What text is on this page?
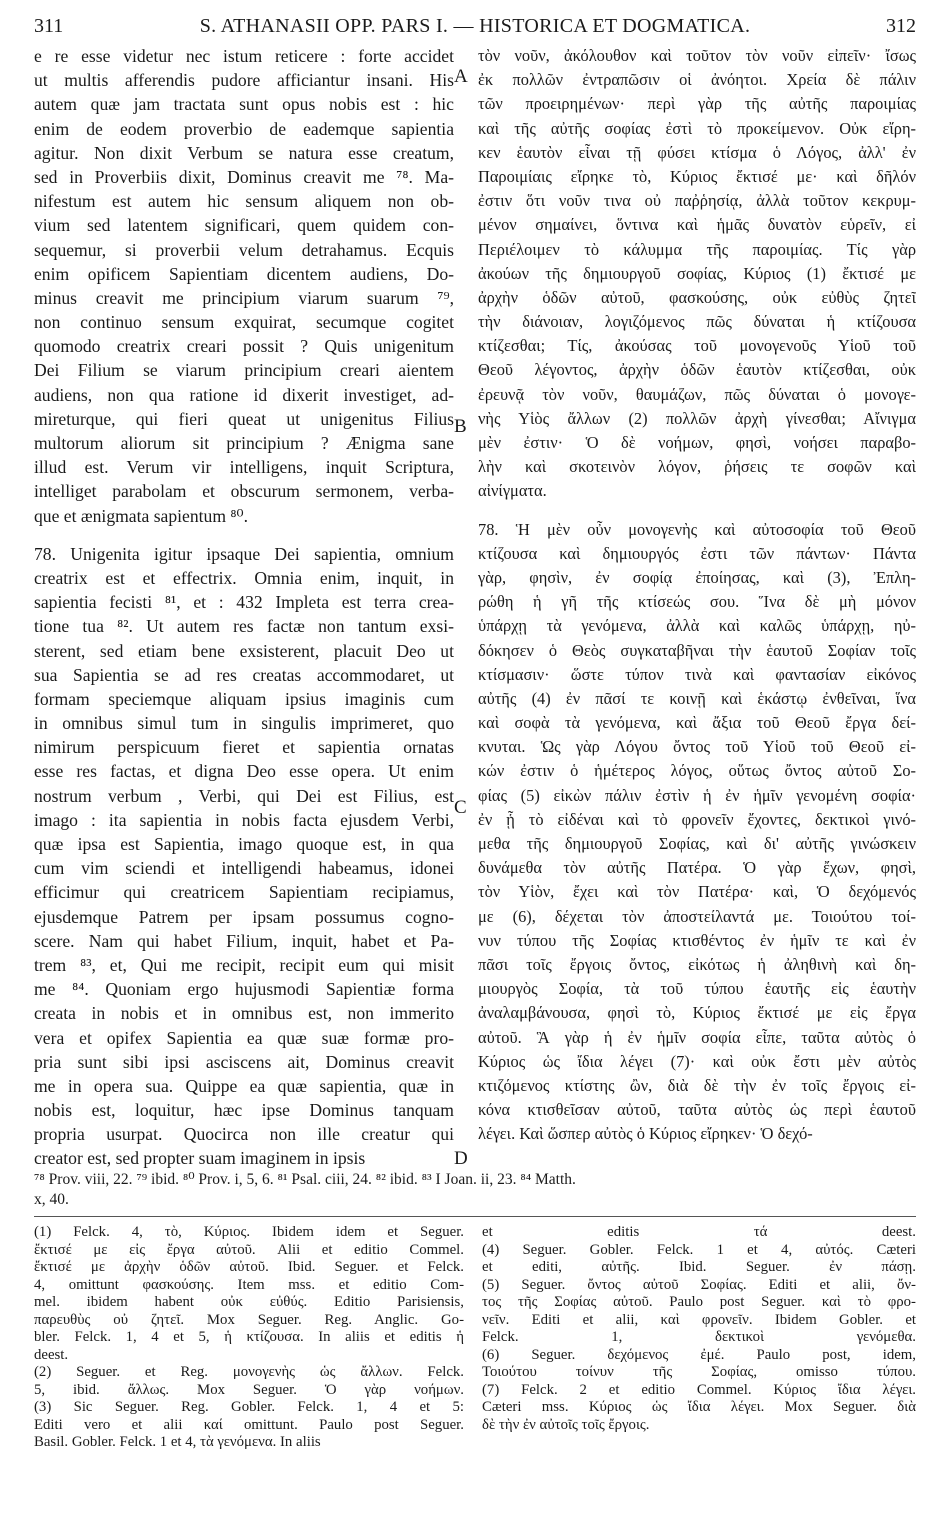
311	S. ATHANASII OPP. PARS I. — HISTORICA ET DOGMATICA.	312
e re esse videtur nec istum reticere : forte accidet
ut multis afferendis pudore afficiantur insani. His
autem quæ jam tractata sunt opus nobis est : hic
enim de eodem proverbio de eademque sapientia
agitur. Non dixit Verbum se natura esse creatum,
sed in Proverbiis dixit, Dominus creavit me ⁷⁸. Ma-
nifestum est autem hic sensum aliquem non ob-
vium sed latentem significari, quem quidem con-
sequemur, si proverbii velum detrahamus. Ecquis
enim opificem Sapientiam dicentem audiens, Do-
minus creavit me principium viarum suarum ⁷⁹,
non continuo sensum exquirat, secumque cogitet
quomodo creatrix creari possit ? Quis unigenitum
Dei Filium se viarum principium creari aientem
audiens, non qua ratione id dixerit investiget, ad-
mireturque, qui fieri queat ut unigenitus Filius
multorum aliorum sit principium ? Ænigma sane
illud est. Verum vir intelligens, inquit Scriptura,
intelliget parabolam et obscurum sermonem, verba-
que et ænigmata sapientum ⁸⁰.
78. Unigenita igitur ipsaque Dei sapientia, omnium
creatrix est et effectrix. Omnia enim, inquit, in
sapientia fecisti ⁸¹, et : 432 Impleta est terra crea-
tione tua ⁸². Ut autem res factæ non tantum exsi-
sterent, sed etiam bene exsisterent, placuit Deo ut
sua Sapientia se ad res creatas accommodaret, ut
formam speciemque aliquam ipsius imaginis cum
in omnibus simul tum in singulis imprimeret, quo
nimirum perspicuum fieret et sapientia ornatas
esse res factas, et digna Deo esse opera. Ut enim
nostrum verbum , Verbi, qui Dei est Filius, est
imago : ita sapientia in nobis facta ejusdem Verbi,
quæ ipsa est Sapientia, imago quoque est, in qua
cum vim sciendi et intelligendi habeamus, idonei
efficimur qui creatricem Sapientiam recipiamus,
ejusdemque Patrem per ipsam possumus cogno-
scere. Nam qui habet Filium, inquit, habet et Pa-
trem ⁸³, et, Qui me recipit, recipit eum qui misit
me ⁸⁴. Quoniam ergo hujusmodi Sapientiæ forma
creata in nobis et in omnibus est, non immerito
vera et opifex Sapientia ea quæ suæ formæ pro-
pria sunt sibi ipsi asciscens ait, Dominus creavit
me in opera sua. Quippe ea quæ sapientia, quæ in
nobis est, loquitur, hæc ipse Dominus tanquam
propria usurpat. Quocirca non ille creatur qui
creator est, sed propter suam imaginem in ipsis
τὸν νοῦν, ἀκόλουθον καὶ τοῦτον τὸν νοῦν εἰπεῖν· ἴσως
ἐκ πολλῶν ἐντραπῶσιν οἱ ἀνόητοι. Χρεία δὲ πάλιν
τῶν προειρημένων· περὶ γὰρ τῆς αὐτῆς παροιμίας
καὶ τῆς αὐτῆς σοφίας ἐστὶ τὸ προκείμενον. Οὐκ εἴρη-
κεν ἑαυτὸν εἶναι τῇ φύσει κτίσμα ὁ Λόγος, ἀλλ' ἐν
Παροιμίαις εἴρηκε τὸ, Κύριος ἔκτισέ με· καὶ δῆλόν
ἐστιν ὅτι νοῦν τινα οὐ παῤῥησίᾳ, ἀλλὰ τοῦτον κεκρυμ-
μένον σημαίνει, ὅντινα καὶ ἡμᾶς δυνατὸν εὑρεῖν, εἰ
Περιέλοιμεν τὸ κάλυμμα τῆς παροιμίας. Τίς γὰρ
ἀκούων τῆς δημιουργοῦ σοφίας, Κύριος (1) ἔκτισέ με
ἀρχὴν ὁδῶν αὐτοῦ, φασκούσης, οὐκ εὐθὺς ζητεῖ
τὴν διάνοιαν, λογιζόμενος πῶς δύναται ἡ κτίζουσα
κτίζεσθαι; Τίς, ἀκούσας τοῦ μονογενοῦς Υἱοῦ τοῦ
Θεοῦ λέγοντος, ἀρχὴν ὁδῶν ἑαυτὸν κτίζεσθαι, οὐκ
ἐρευνᾷ τὸν νοῦν, θαυμάζων, πῶς δύναται ὁ μονογε-
νὴς Υἱὸς ἄλλων (2) πολλῶν ἀρχὴ γίνεσθαι; Αἴνιγμα
μὲν ἐστιν· Ὁ δὲ νοήμων, φησὶ, νοήσει παραβο-
λὴν καὶ σκοτεινὸν λόγον, ῥήσεις τε σοφῶν καὶ
αἰνίγματα.
78. Ἡ μὲν οὖν μονογενὴς καὶ αὐτοσοφία τοῦ Θεοῦ
κτίζουσα καὶ δημιουργός ἐστι τῶν πάντων· Πάντα
γὰρ, φησὶν, ἐν σοφίᾳ ἐποίησας, καὶ (3), Ἐπλη-
ρώθη ἡ γῆ τῆς κτίσεώς σου. Ἵνα δὲ μὴ μόνον
ὑπάρχῃ τὰ γενόμενα, ἀλλὰ καὶ καλῶς ὑπάρχῃ, ηὐ-
δόκησεν ὁ Θεὸς συγκαταβῆναι τὴν ἑαυτοῦ Σοφίαν τοῖς
κτίσμασιν· ὥστε τύπον τινὰ καὶ φαντασίαν εἰκόνος
αὐτῆς (4) ἐν πᾶσί τε κοινῇ καὶ ἑκάστῳ ἐνθεῖναι, ἵνα
καὶ σοφὰ τὰ γενόμενα, καὶ ἄξια τοῦ Θεοῦ ἔργα δεί-
κνυται. Ὡς γὰρ Λόγου ὄντος τοῦ Υἱοῦ τοῦ Θεοῦ εἰ-
κών ἐστιν ὁ ἡμέτερος λόγος, οὕτως ὄντος αὐτοῦ Σο-
φίας (5) εἰκὼν πάλιν ἐστὶν ἡ ἐν ἡμῖν γενομένη σοφία·
ἐν ᾗ τὸ εἰδέναι καὶ τὸ φρονεῖν ἔχοντες, δεκτικοὶ γινό-
μεθα τῆς δημιουργοῦ Σοφίας, καὶ δι' αὐτῆς γινώσκειν
δυνάμεθα τὸν αὐτῆς Πατέρα. Ὁ γὰρ ἔχων, φησὶ,
τὸν Υἱὸν, ἔχει καὶ τὸν Πατέρα· καὶ, Ὁ δεχόμενός
με (6), δέχεται τὸν ἀποστείλαντά με. Τοιούτου τοί-
νυν τύπου τῆς Σοφίας κτισθέντος ἐν ἡμῖν τε καὶ ἐν
πᾶσι τοῖς ἔργοις ὄντος, εἰκότως ἡ ἀληθινὴ καὶ δη-
μιουργὸς Σοφία, τὰ τοῦ τύπου ἑαυτῆς εἰς ἑαυτὴν
ἀναλαμβάνουσα, φησὶ τὸ, Κύριος ἔκτισέ με εἰς ἔργα
αὐτοῦ. Ἃ γὰρ ἡ ἐν ἡμῖν σοφία εἶπε, ταῦτα αὐτὸς ὁ
Κύριος ὡς ἴδια λέγει (7)· καὶ οὐκ ἔστι μὲν αὐτὸς
κτιζόμενος κτίστης ὢν, διὰ δὲ τὴν ἐν τοῖς ἔργοις εἰ-
κόνα κτισθεῖσαν αὐτοῦ, ταῦτα αὐτὸς ὡς περὶ ἑαυτοῦ
λέγει. Καὶ ὥσπερ αὐτὸς ὁ Κύριος εἴρηκεν· Ὁ δεχό-
A
B
C
D
⁷⁸ Prov. viii, 22. ⁷⁹ ibid. ⁸⁰ Prov. i, 5, 6. ⁸¹ Psal. ciii, 24. ⁸² ibid. ⁸³ I Joan. ii, 23. ⁸⁴ Matth.
x, 40.
(1) Felck. 4, τὸ, Κύριος. Ibidem idem et Seguer.
ἔκτισέ με εἰς ἔργα αὐτοῦ. Alii et editio Commel.
ἔκτισέ με ἀρχὴν ὁδῶν αὐτοῦ. Ibid. Seguer. et Felck.
4, omittunt φασκούσης. Item mss. et editio Com-
mel. ibidem habent οὐκ εὐθύς. Editio Parisiensis,
παρευθὺς οὐ ζητεῖ. Mox Seguer. Reg. Anglic. Go-
bler. Felck. 1, 4 et 5, ἡ κτίζουσα. In aliis et editis ἡ
deest.
(2) Seguer. et Reg. μονογενὴς ὡς ἄλλων. Felck.
5, ibid. ἄλλως. Mox Seguer. Ὁ γὰρ νοήμων.
(3) Sic Seguer. Reg. Gobler. Felck. 1, 4 et 5:
Editi vero et alii καί omittunt. Paulo post Seguer.
Basil. Gobler. Felck. 1 et 4, τὰ γενόμενα. In aliis
et editis τά deest.
(4) Seguer. Gobler. Felck. 1 et 4, αὐτός. Cæteri
et editi, αὐτῆς. Ibid. Seguer. ἐν πάσῃ.
(5) Seguer. ὄντος αὐτοῦ Σοφίας. Editi et alii, ὄν-
τος τῆς Σοφίας αὐτοῦ. Paulo post Seguer. καὶ τὸ φρο-
νεῖν. Editi et alii, καὶ φρονεῖν. Ibidem Gobler. et
Felck. 1, δεκτικοὶ γενόμεθα.
(6) Seguer. δεχόμενος ἐμέ. Paulo post, idem,
Τοιούτου τοίνυν τῆς Σοφίας, omisso τύπου.
(7) Felck. 2 et editio Commel. Κύριος ἴδια λέγει.
Cæteri mss. Κύριος ὡς ἴδια λέγει. Mox Seguer. διὰ
δὲ τὴν ἐν αὐτοῖς τοῖς ἔργοις.
